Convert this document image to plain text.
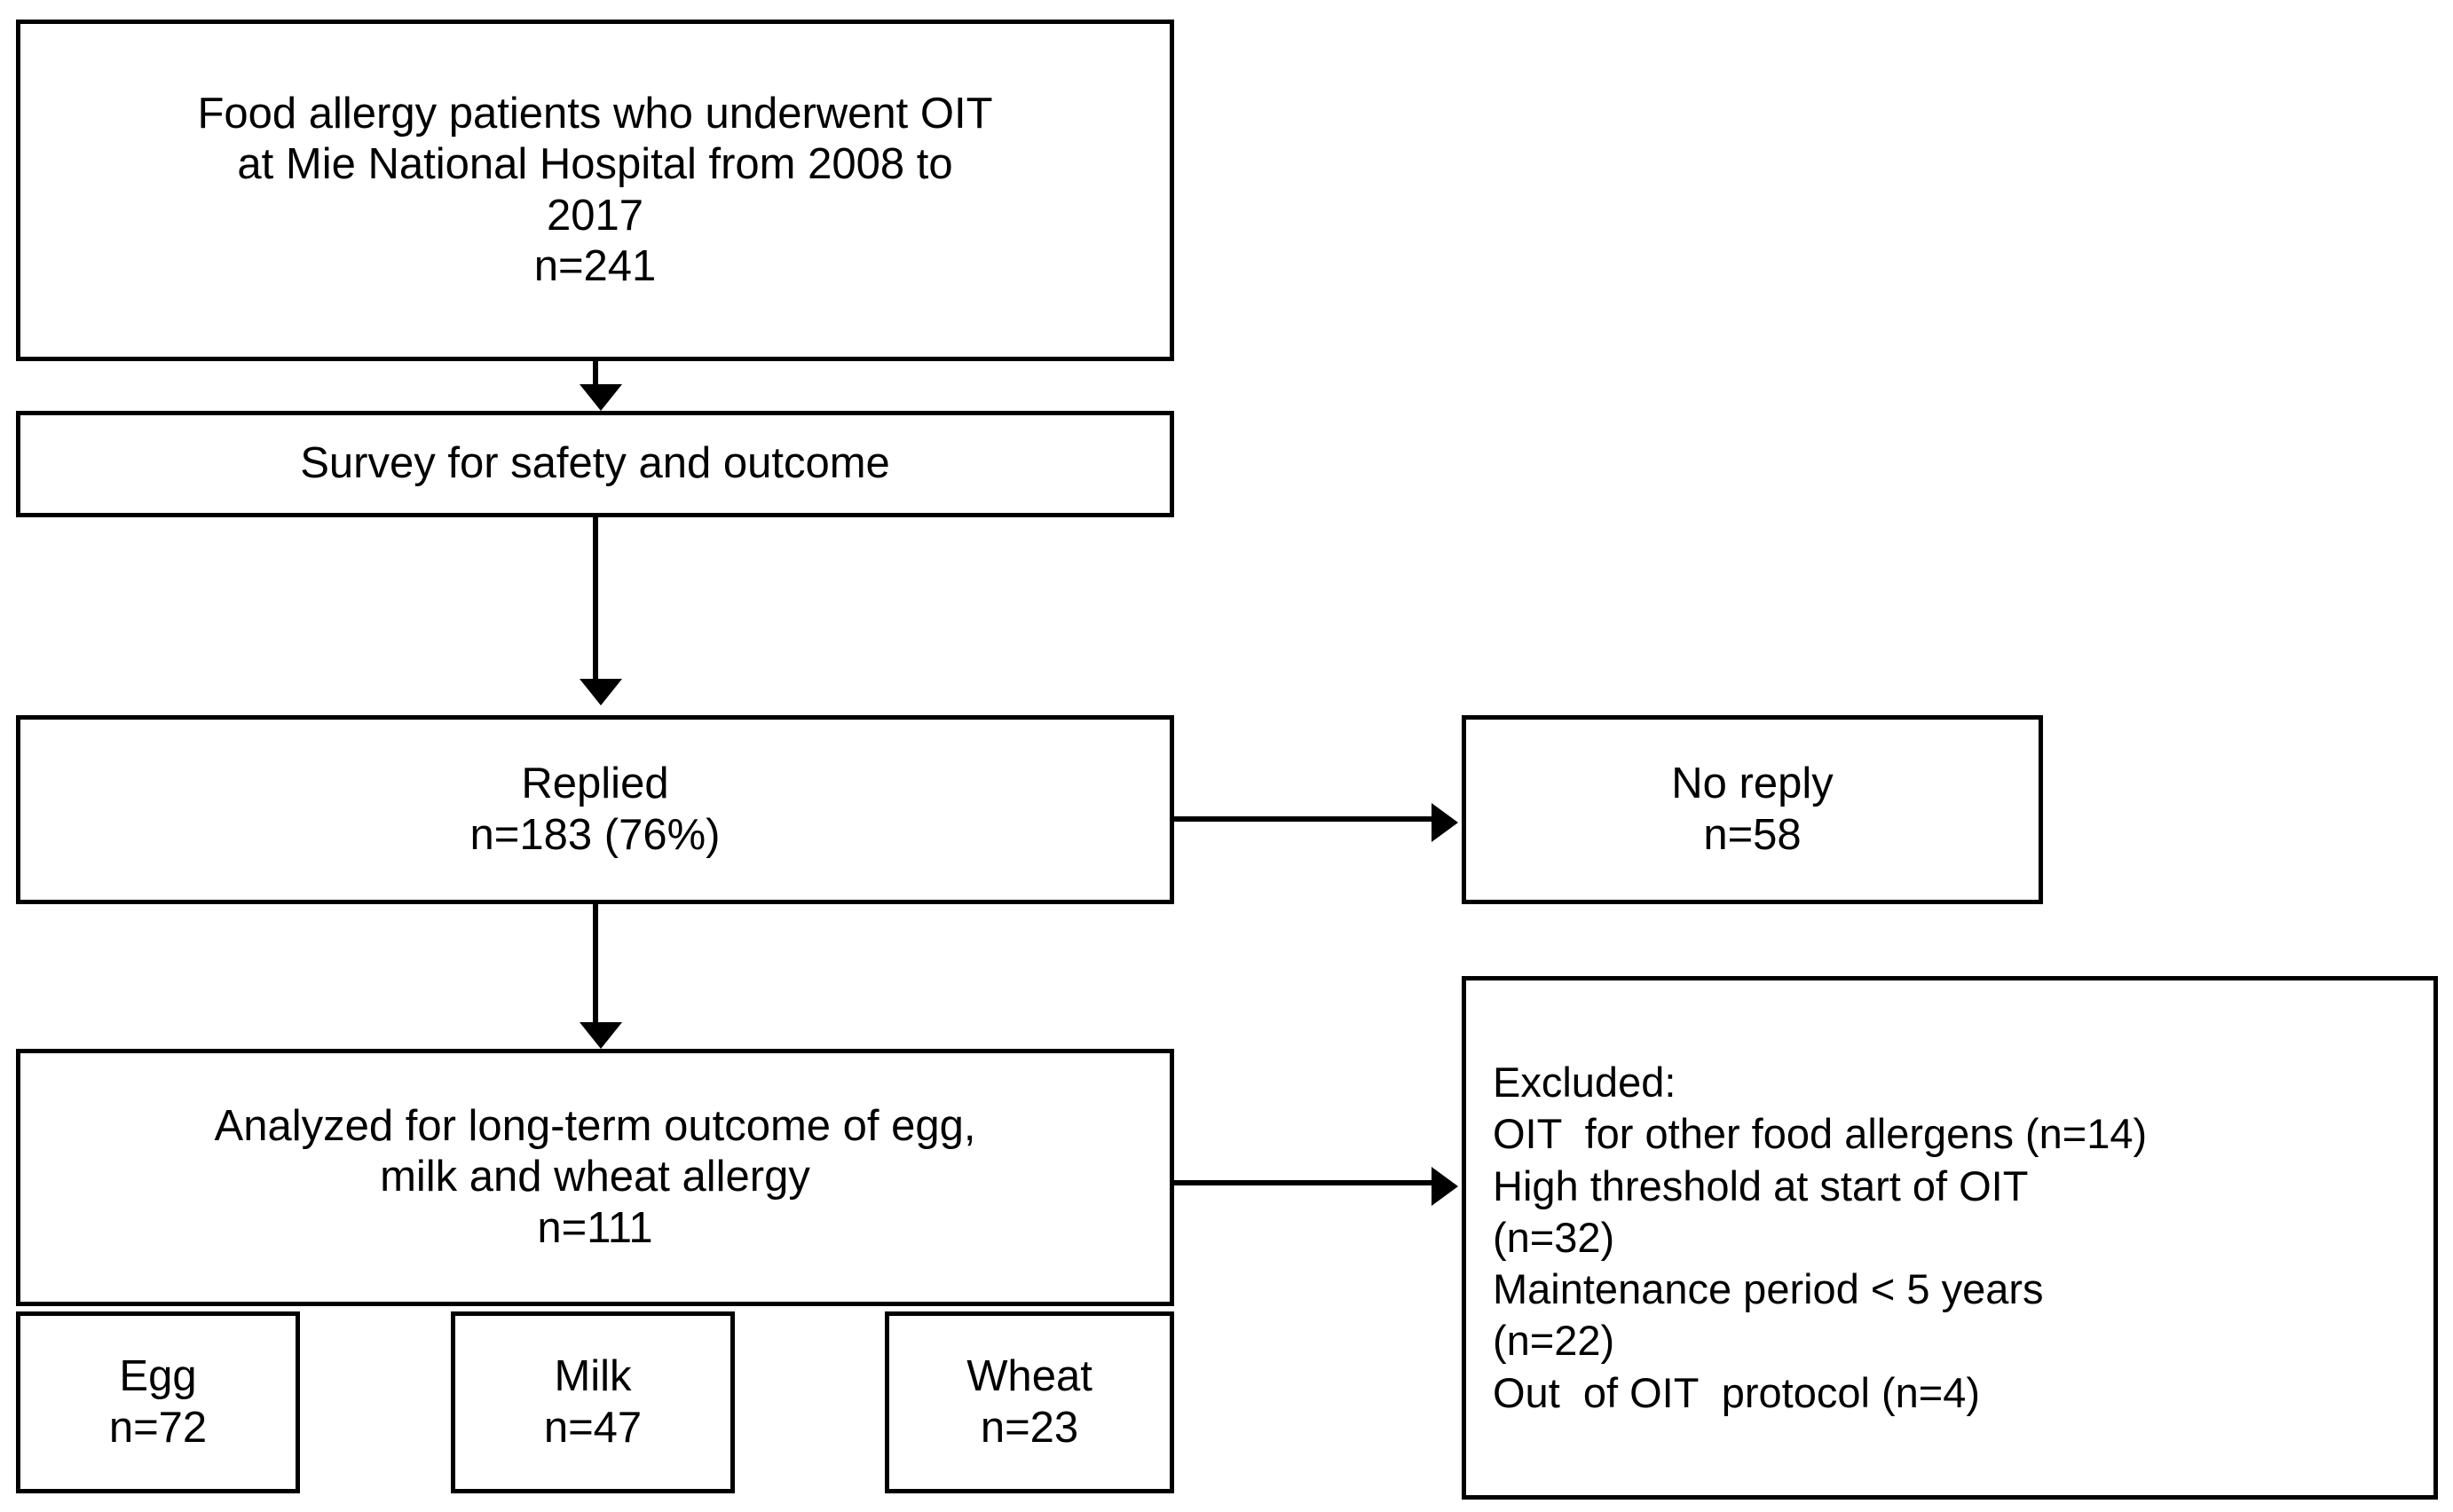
Food allergy patients who underwent OIT
at Mie National Hospital from 2008 to
2017
n=241
Survey for safety and outcome
Replied
n=183 (76%)
No reply
n=58
Analyzed for long-term outcome of egg,
milk and wheat allergy
n=111
Excluded:
OIT  for other food allergens (n=14)
High threshold at start of OIT
(n=32)
Maintenance period < 5 years
(n=22)
Out  of OIT  protocol (n=4)
Egg
n=72
Milk
n=47
Wheat
n=23
